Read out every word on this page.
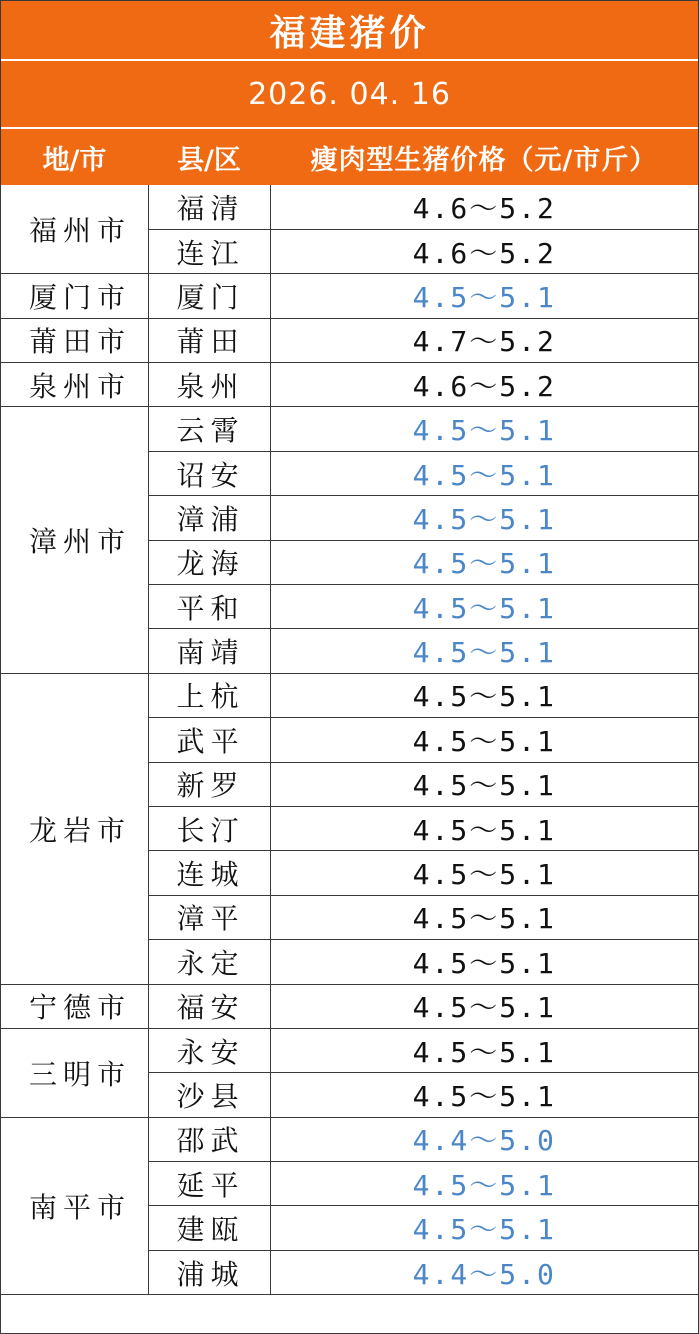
福建猪价
2026. 04. 16
地/市	县/区	瘦肉型生猪价格（元/市斤）
福州市	福清	4.6～5.2
	连江	4.6～5.2
厦门市	厦门	4.5～5.1
莆田市	莆田	4.7～5.2
泉州市	泉州	4.6～5.2
漳州市	云霄	4.5～5.1
	诏安	4.5～5.1
	漳浦	4.5～5.1
	龙海	4.5～5.1
	平和	4.5～5.1
	南靖	4.5～5.1
龙岩市	上杭	4.5～5.1
	武平	4.5～5.1
	新罗	4.5～5.1
	长汀	4.5～5.1
	连城	4.5～5.1
	漳平	4.5～5.1
	永定	4.5～5.1
宁德市	福安	4.5～5.1
三明市	永安	4.5～5.1
	沙县	4.5～5.1
南平市	邵武	4.4～5.0
	延平	4.5～5.1
	建瓯	4.5～5.1
	浦城	4.4～5.0
